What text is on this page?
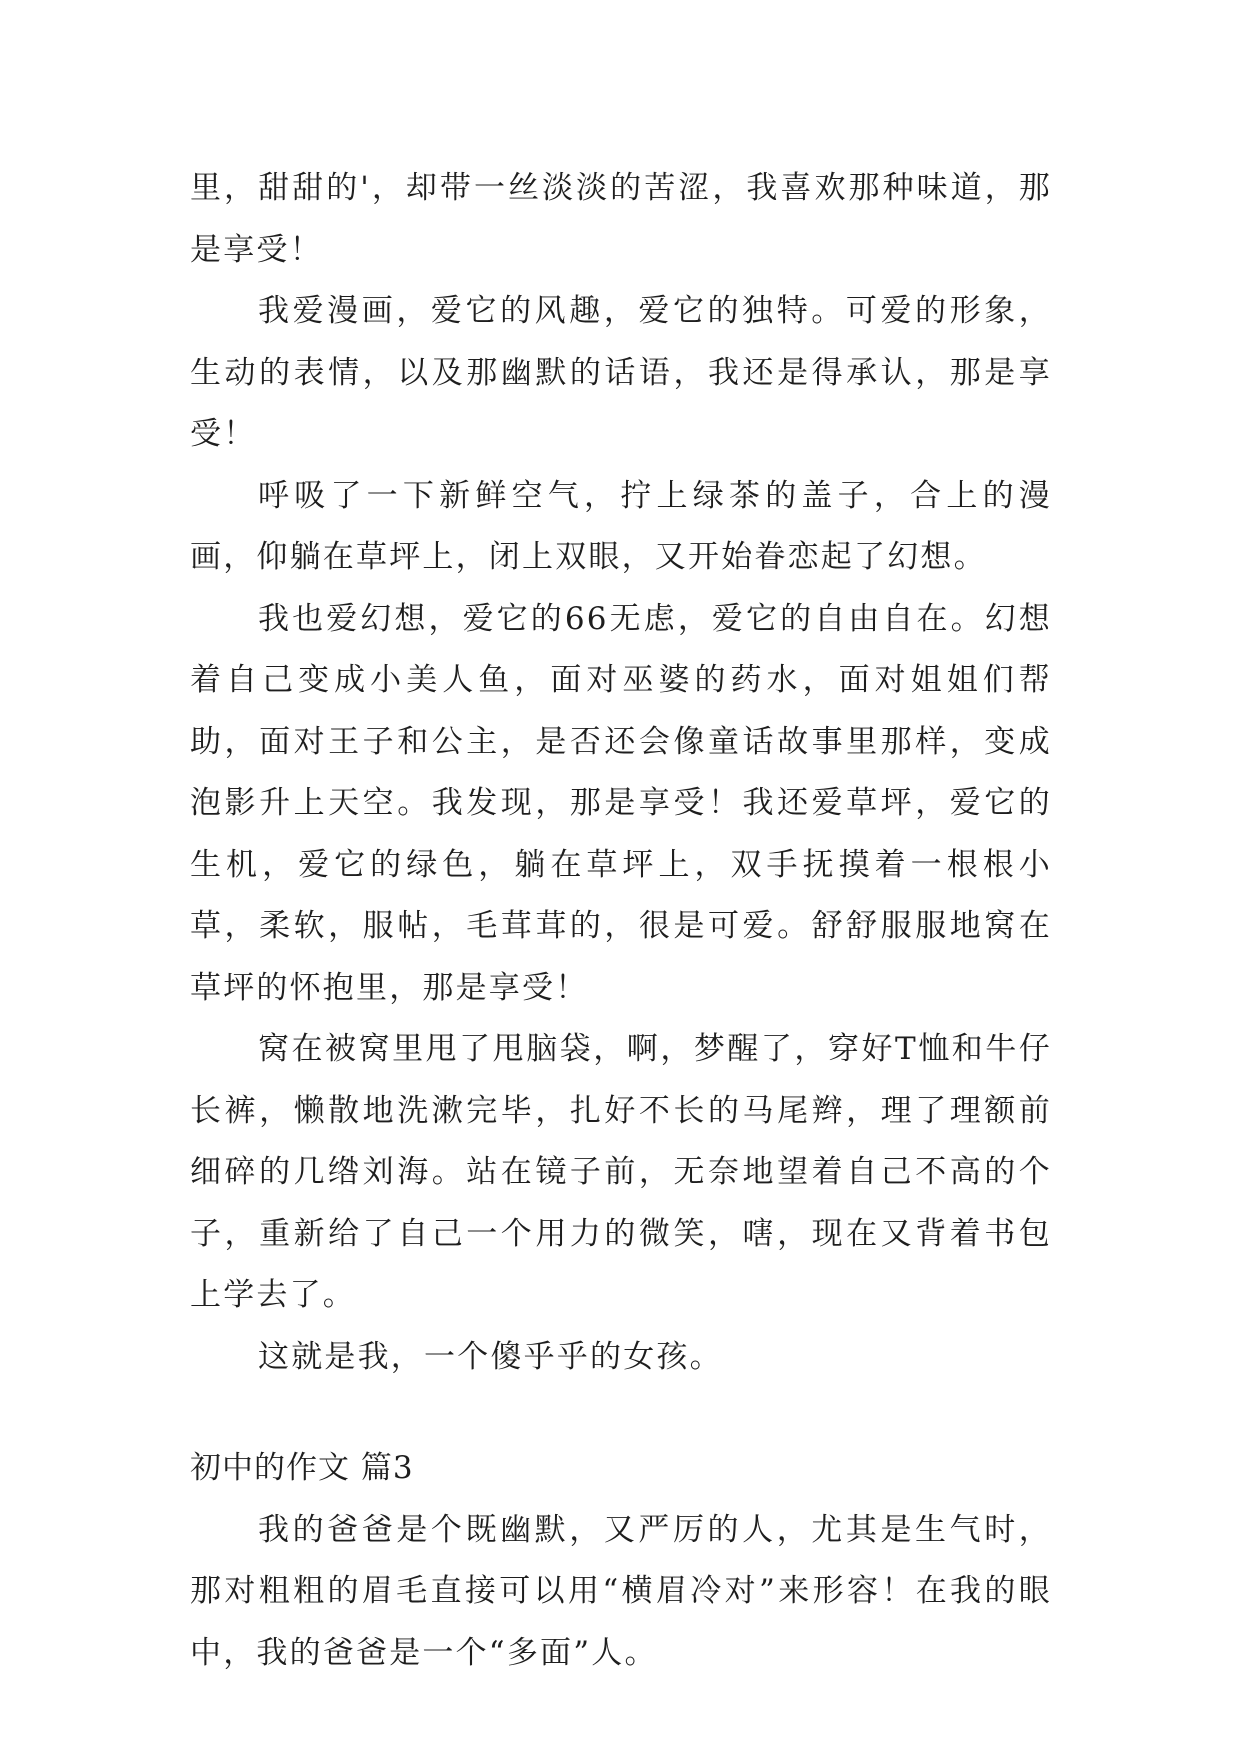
里，甜甜的'，却带一丝淡淡的苦涩，我喜欢那种味道，那是享受！

我爱漫画，爱它的风趣，爱它的独特。可爱的形象，生动的表情，以及那幽默的话语，我还是得承认，那是享受！

呼吸了一下新鲜空气，拧上绿茶的盖子，合上的漫画，仰躺在草坪上，闭上双眼，又开始眷恋起了幻想。

我也爱幻想，爱它的66无虑，爱它的自由自在。幻想着自己变成小美人鱼，面对巫婆的药水，面对姐姐们帮助，面对王子和公主，是否还会像童话故事里那样，变成泡影升上天空。我发现，那是享受！我还爱草坪，爱它的生机，爱它的绿色，躺在草坪上，双手抚摸着一根根小草，柔软，服帖，毛茸茸的，很是可爱。舒舒服服地窝在草坪的怀抱里，那是享受！

窝在被窝里甩了甩脑袋，啊，梦醒了，穿好T恤和牛仔长裤，懒散地洗漱完毕，扎好不长的马尾辫，理了理额前细碎的几绺刘海。站在镜子前，无奈地望着自己不高的个子，重新给了自己一个用力的微笑，嗐，现在又背着书包上学去了。

这就是我，一个傻乎乎的女孩。

初中的作文 篇3

我的爸爸是个既幽默，又严厉的人，尤其是生气时，那对粗粗的眉毛直接可以用“横眉冷对”来形容！在我的眼中，我的爸爸是一个“多面”人。
